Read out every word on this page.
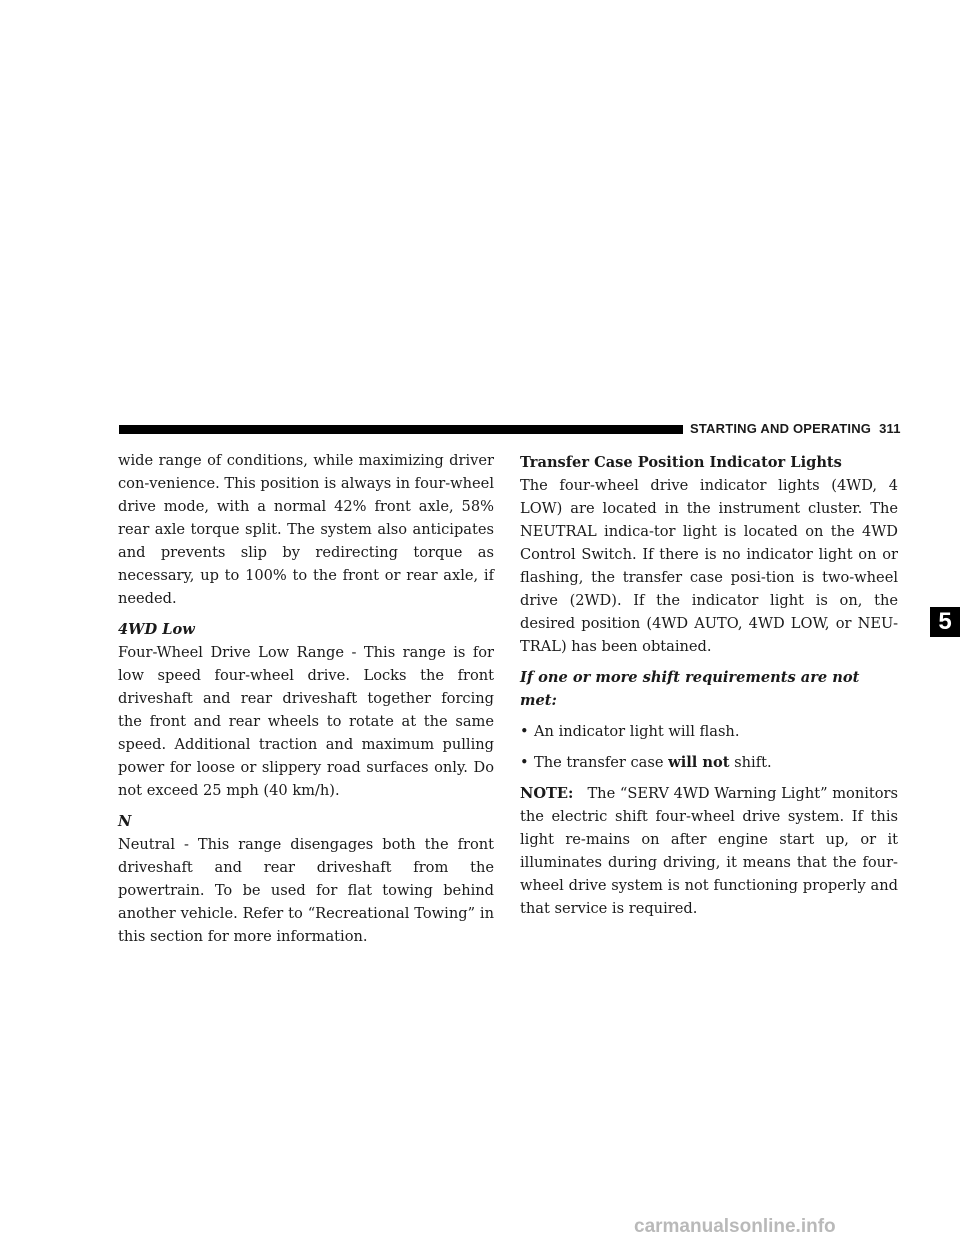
STARTING AND OPERATING 311

wide range of conditions, while maximizing driver con-venience. This position is always in four-wheel drive mode, with a normal 42% front axle, 58% rear axle torque split. The system also anticipates and prevents slip by redirecting torque as necessary, up to 100% to the front or rear axle, if needed.

4WD Low

Four-Wheel Drive Low Range - This range is for low speed four-wheel drive. Locks the front driveshaft and rear driveshaft together forcing the front and rear wheels to rotate at the same speed. Additional traction and maximum pulling power for loose or slippery road surfaces only. Do not exceed 25 mph (40 km/h).

N

Neutral - This range disengages both the front driveshaft and rear driveshaft from the powertrain. To be used for flat towing behind another vehicle. Refer to “Recreational Towing” in this section for more information.

Transfer Case Position Indicator Lights

The four-wheel drive indicator lights (4WD, 4 LOW) are located in the instrument cluster. The NEUTRAL indica-tor light is located on the 4WD Control Switch. If there is no indicator light on or flashing, the transfer case posi-tion is two-wheel drive (2WD). If the indicator light is on, the desired position (4WD AUTO, 4WD LOW, or NEU-TRAL) has been obtained.

If one or more shift requirements are not met:
• An indicator light will flash.
• The transfer case will not shift.

NOTE: The “SERV 4WD Warning Light” monitors the electric shift four-wheel drive system. If this light re-mains on after engine start up, or it illuminates during driving, it means that the four-wheel drive system is not functioning properly and that service is required.

5
carmanualsonline.info
